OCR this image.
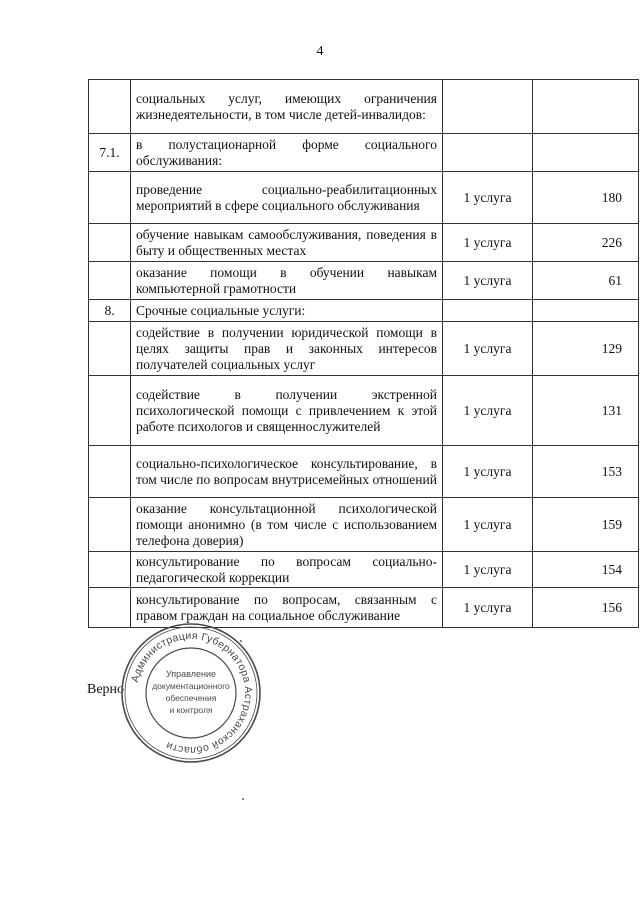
4
	социальных услуг, имеющих ограничения жизнедеятельности, в том числе детей-инвалидов:		
7.1.	в полустационарной форме социального обслуживания:		
	проведение социально-реабилитационных мероприятий в сфере социального обслуживания	1 услуга	180
	обучение навыкам самообслуживания, поведения в быту и общественных местах	1 услуга	226
	оказание помощи в обучении навыкам компьютерной грамотности	1 услуга	61
8.	Срочные социальные услуги:		
	содействие в получении юридической помощи в целях защиты прав и законных интересов получателей социальных услуг	1 услуга	129
	содействие в получении экстренной психологической помощи с привлечением к этой работе психологов и священнослужителей	1 услуга	131
	социально-психологическое консультирование, в том числе по вопросам внутрисемейных отношений	1 услуга	153
	оказание консультационной психологической помощи анонимно (в том числе с использованием телефона доверия)	1 услуга	159
	консультирование по вопросам социально-педагогической коррекции	1 услуга	154
	консультирование по вопросам, связанным с правом граждан на социальное обслуживание	1 услуга	156
Верно
Администрация Губернатора Астраханской области
Управление
документационного
обеспечения
и контроля
